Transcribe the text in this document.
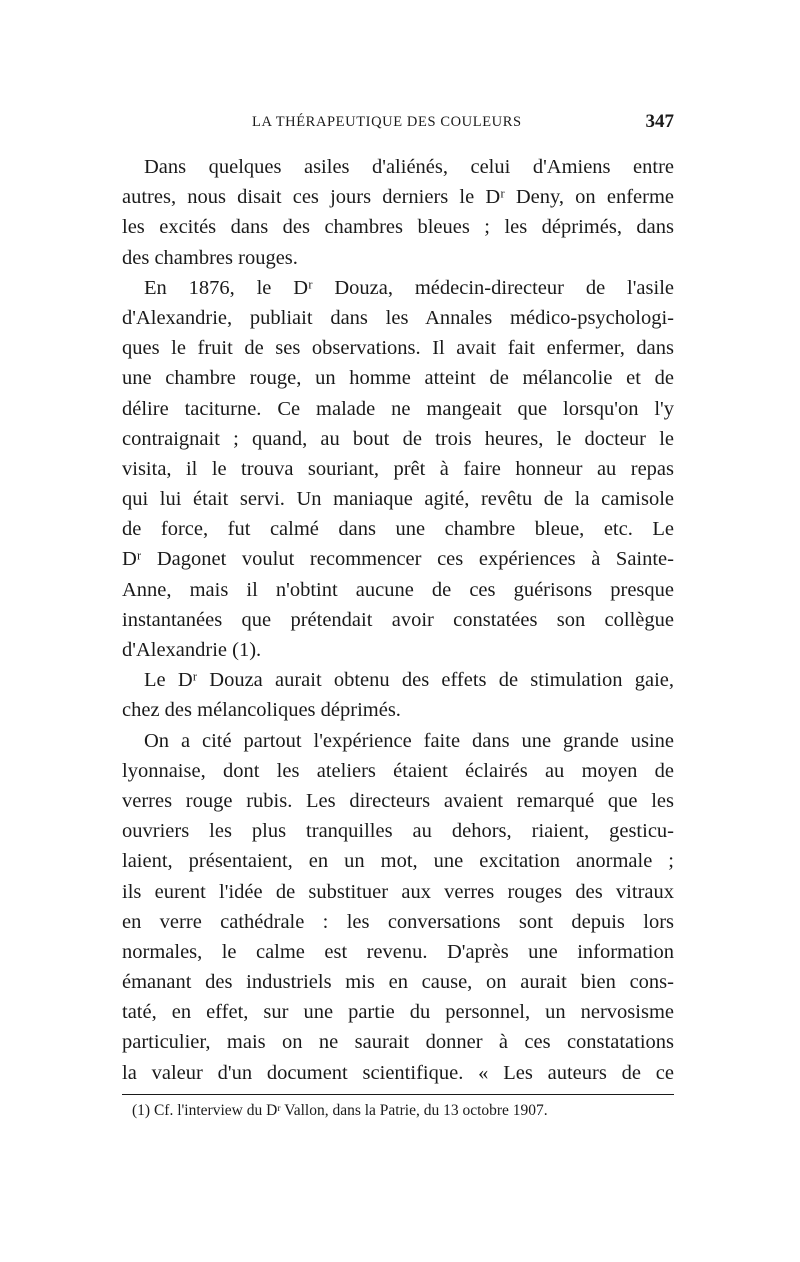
LA THÉRAPEUTIQUE DES COULEURS	347
Dans quelques asiles d'aliénés, celui d'Amiens entre
autres, nous disait ces jours derniers le Dʳ Deny, on enferme
les excités dans des chambres bleues ; les déprimés, dans
des chambres rouges.
En 1876, le Dʳ Douza, médecin-directeur de l'asile
d'Alexandrie, publiait dans les Annales médico-psychologi-
ques le fruit de ses observations. Il avait fait enfermer, dans
une chambre rouge, un homme atteint de mélancolie et de
délire taciturne. Ce malade ne mangeait que lorsqu'on l'y
contraignait ; quand, au bout de trois heures, le docteur le
visita, il le trouva souriant, prêt à faire honneur au repas
qui lui était servi. Un maniaque agité, revêtu de la camisole
de force, fut calmé dans une chambre bleue, etc. Le
Dʳ Dagonet voulut recommencer ces expériences à Sainte-
Anne, mais il n'obtint aucune de ces guérisons presque
instantanées que prétendait avoir constatées son collègue
d'Alexandrie (1).
Le Dʳ Douza aurait obtenu des effets de stimulation gaie,
chez des mélancoliques déprimés.
On a cité partout l'expérience faite dans une grande usine
lyonnaise, dont les ateliers étaient éclairés au moyen de
verres rouge rubis. Les directeurs avaient remarqué que les
ouvriers les plus tranquilles au dehors, riaient, gesticu-
laient, présentaient, en un mot, une excitation anormale ;
ils eurent l'idée de substituer aux verres rouges des vitraux
en verre cathédrale : les conversations sont depuis lors
normales, le calme est revenu. D'après une information
émanant des industriels mis en cause, on aurait bien cons-
taté, en effet, sur une partie du personnel, un nervosisme
particulier, mais on ne saurait donner à ces constatations
la valeur d'un document scientifique. « Les auteurs de ce
(1) Cf. l'interview du Dʳ Vallon, dans la Patrie, du 13 octobre 1907.
